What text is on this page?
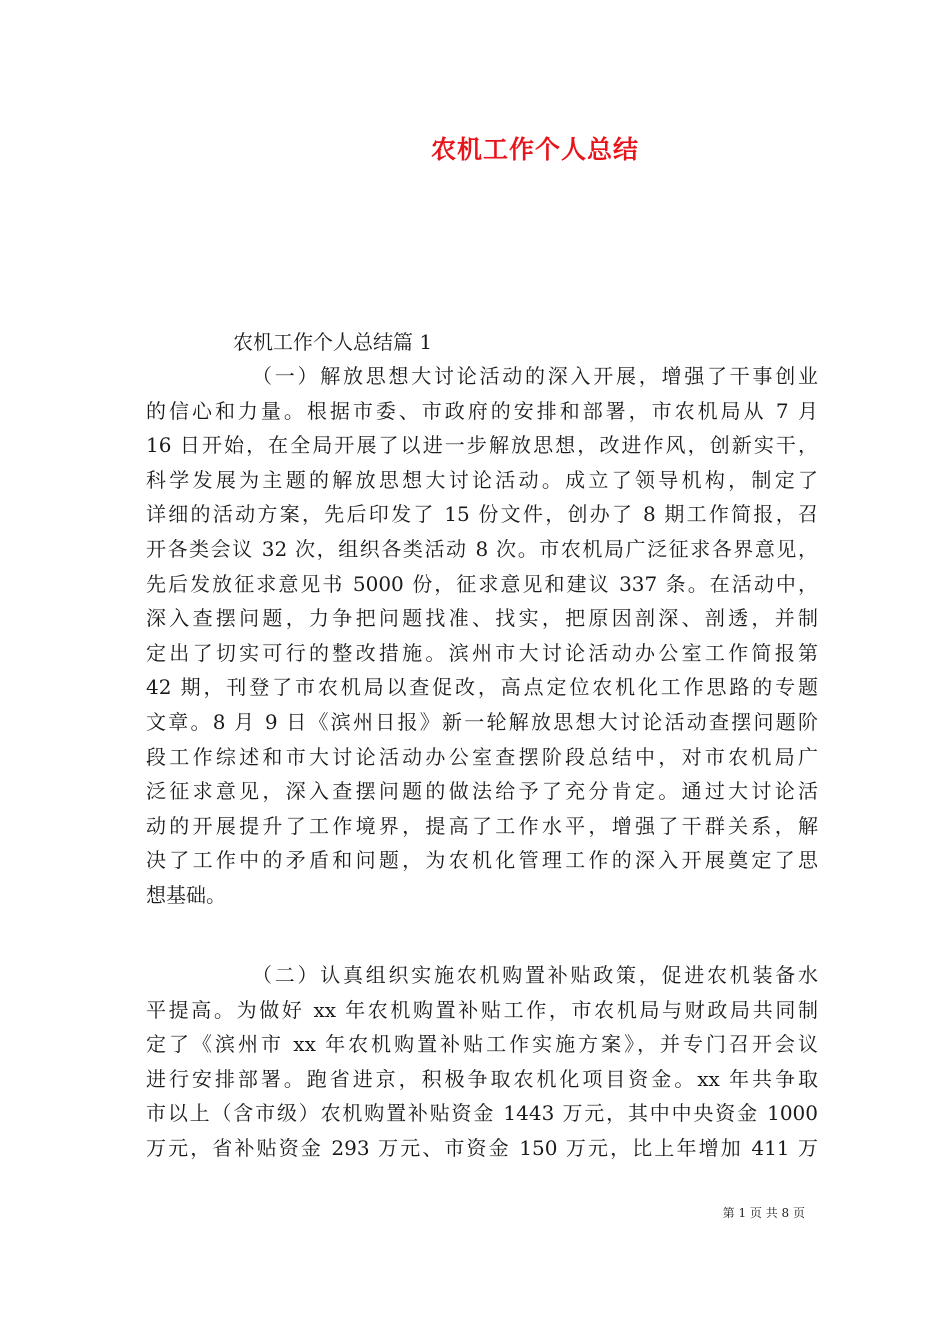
农机工作个人总结

农机工作个人总结篇 1

（一）解放思想大讨论活动的深入开展，增强了干事创业
的信心和力量。根据市委、市政府的安排和部署，市农机局从 7 月
16 日开始，在全局开展了以进一步解放思想，改进作风，创新实干，
科学发展为主题的解放思想大讨论活动。成立了领导机构，制定了
详细的活动方案，先后印发了 15 份文件，创办了 8 期工作简报，召
开各类会议 32 次，组织各类活动 8 次。市农机局广泛征求各界意见，
先后发放征求意见书 5000 份，征求意见和建议 337 条。在活动中，
深入查摆问题，力争把问题找准、找实，把原因剖深、剖透，并制
定出了切实可行的整改措施。滨州市大讨论活动办公室工作简报第
42 期，刊登了市农机局以查促改，高点定位农机化工作思路的专题
文章。8 月 9 日《滨州日报》新一轮解放思想大讨论活动查摆问题阶
段工作综述和市大讨论活动办公室查摆阶段总结中，对市农机局广
泛征求意见，深入查摆问题的做法给予了充分肯定。通过大讨论活
动的开展提升了工作境界，提高了工作水平，增强了干群关系，解
决了工作中的矛盾和问题，为农机化管理工作的深入开展奠定了思
想基础。
（二）认真组织实施农机购置补贴政策，促进农机装备水
平提高。为做好 xx 年农机购置补贴工作，市农机局与财政局共同制
定了《滨州市 xx 年农机购置补贴工作实施方案》，并专门召开会议
进行安排部署。跑省进京，积极争取农机化项目资金。xx 年共争取
市以上（含市级）农机购置补贴资金 1443 万元，其中中央资金 1000
万元，省补贴资金 293 万元、市资金 150 万元，比上年增加 411 万
第 1 页 共 8 页
